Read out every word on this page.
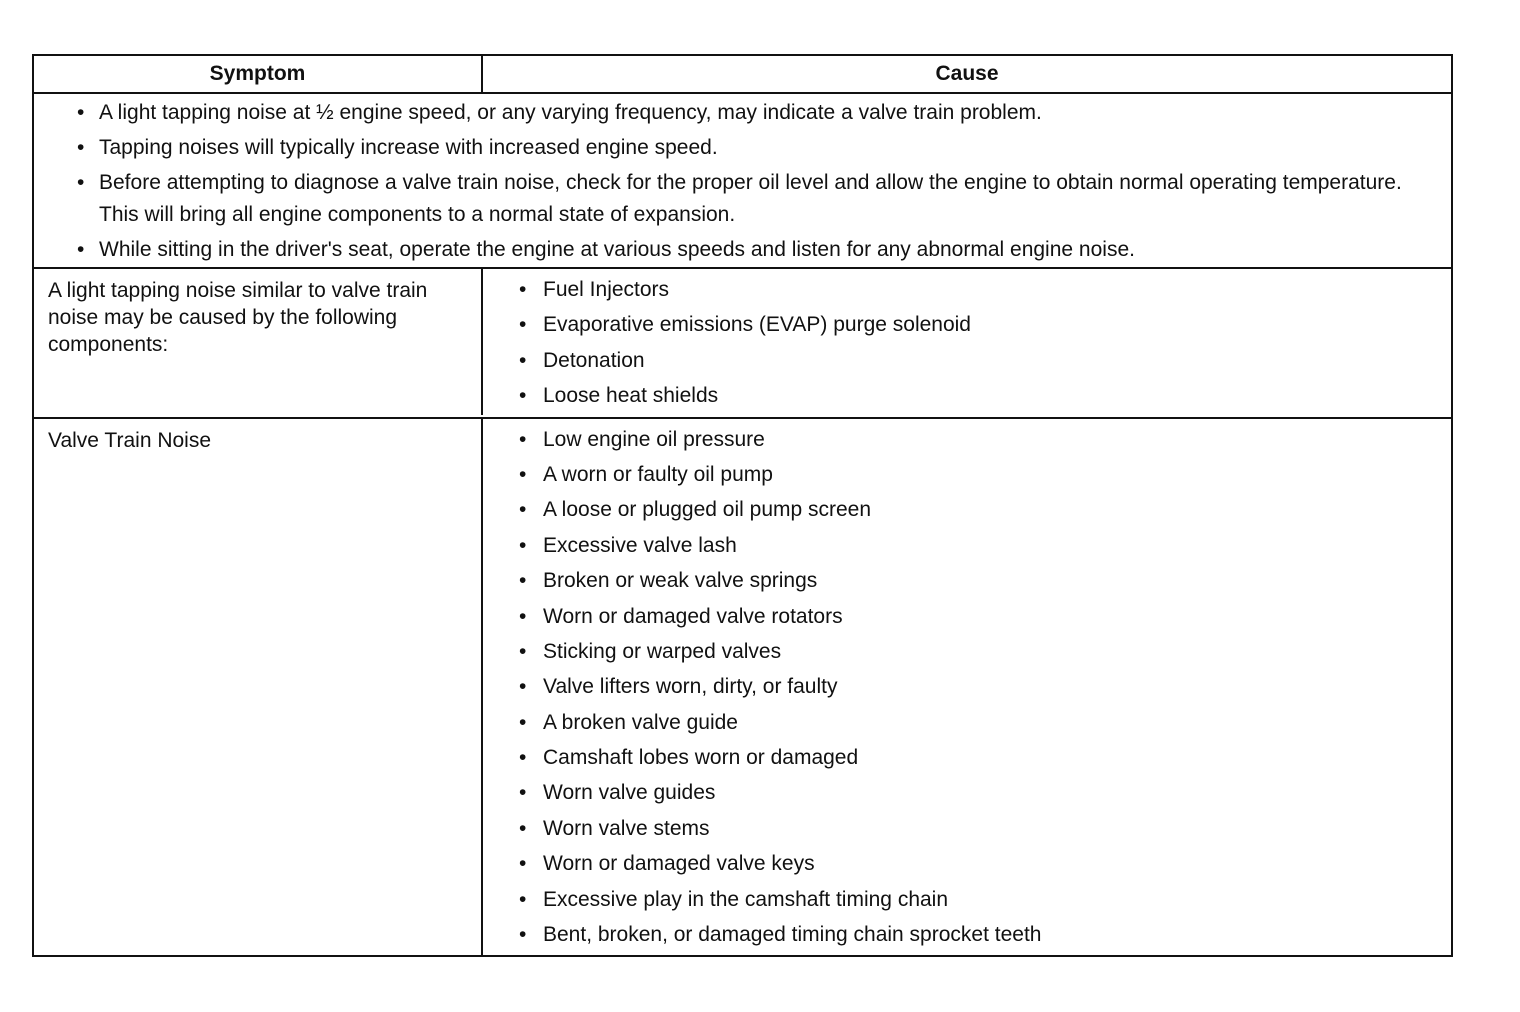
Symptom	Cause
• A light tapping noise at ½ engine speed, or any varying frequency, may indicate a valve train problem.
• Tapping noises will typically increase with increased engine speed.
• Before attempting to diagnose a valve train noise, check for the proper oil level and allow the engine to obtain normal operating temperature.
This will bring all engine components to a normal state of expansion.
• While sitting in the driver's seat, operate the engine at various speeds and listen for any abnormal engine noise.
A light tapping noise similar to valve train noise may be caused by the following components:
• Fuel Injectors
• Evaporative emissions (EVAP) purge solenoid
• Detonation
• Loose heat shields
Valve Train Noise	• Low engine oil pressure
• A worn or faulty oil pump
• A loose or plugged oil pump screen
• Excessive valve lash
• Broken or weak valve springs
• Worn or damaged valve rotators
• Sticking or warped valves
• Valve lifters worn, dirty, or faulty
• A broken valve guide
• Camshaft lobes worn or damaged
• Worn valve guides
• Worn valve stems
• Worn or damaged valve keys
• Excessive play in the camshaft timing chain
• Bent, broken, or damaged timing chain sprocket teeth
